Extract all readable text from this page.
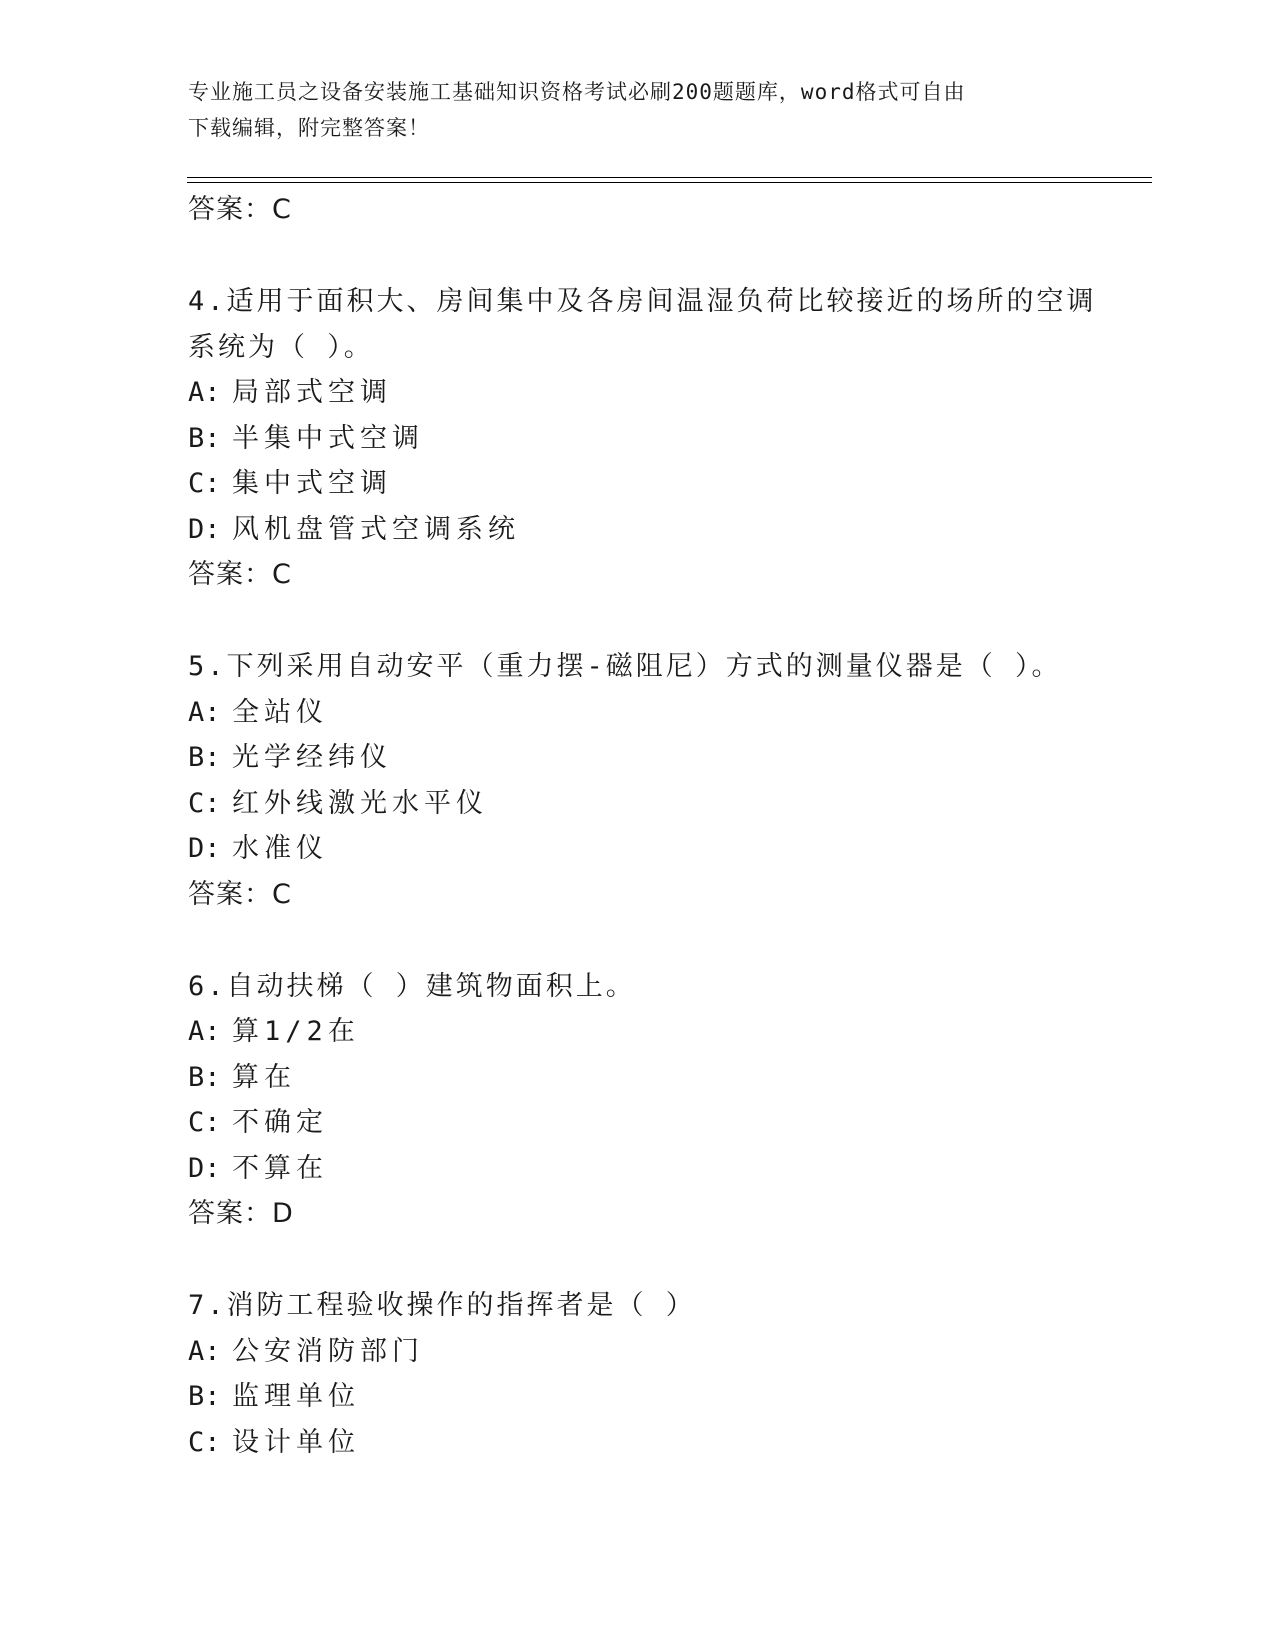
专业施工员之设备安装施工基础知识资格考试必刷200题题库，word格式可自由
下载编辑，附完整答案！
答案：C
4.适用于面积大、房间集中及各房间温湿负荷比较接近的场所的空调
系统为（ ）。
A: 局部式空调
B: 半集中式空调
C: 集中式空调
D: 风机盘管式空调系统
答案：C
5.下列采用自动安平（重力摆-磁阻尼）方式的测量仪器是（ ）。
A: 全站仪
B: 光学经纬仪
C: 红外线激光水平仪
D: 水准仪
答案：C
6.自动扶梯（ ）建筑物面积上。
A: 算1/2在
B: 算在
C: 不确定
D: 不算在
答案：D
7.消防工程验收操作的指挥者是（ ）
A: 公安消防部门
B: 监理单位
C: 设计单位
